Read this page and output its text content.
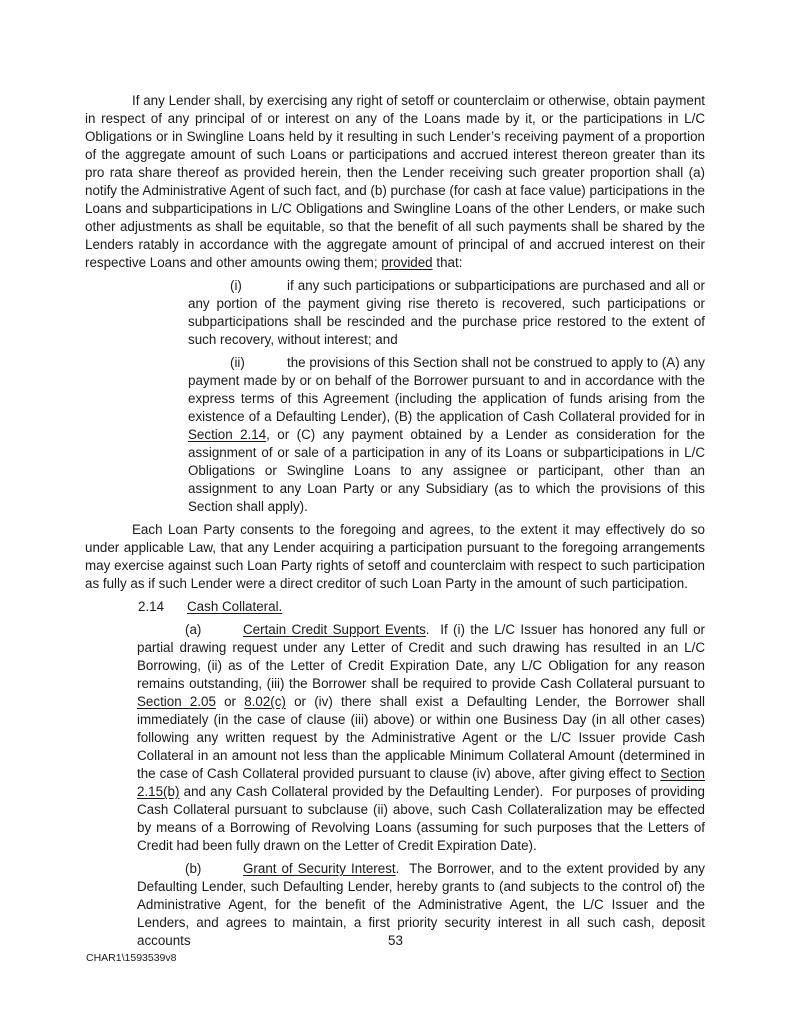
If any Lender shall, by exercising any right of setoff or counterclaim or otherwise, obtain payment in respect of any principal of or interest on any of the Loans made by it, or the participations in L/C Obligations or in Swingline Loans held by it resulting in such Lender’s receiving payment of a proportion of the aggregate amount of such Loans or participations and accrued interest thereon greater than its pro rata share thereof as provided herein, then the Lender receiving such greater proportion shall (a) notify the Administrative Agent of such fact, and (b) purchase (for cash at face value) participations in the Loans and subparticipations in L/C Obligations and Swingline Loans of the other Lenders, or make such other adjustments as shall be equitable, so that the benefit of all such payments shall be shared by the Lenders ratably in accordance with the aggregate amount of principal of and accrued interest on their respective Loans and other amounts owing them; provided that:

(i)	if any such participations or subparticipations are purchased and all or any portion of the payment giving rise thereto is recovered, such participations or subparticipations shall be rescinded and the purchase price restored to the extent of such recovery, without interest; and

(ii)	the provisions of this Section shall not be construed to apply to (A) any payment made by or on behalf of the Borrower pursuant to and in accordance with the express terms of this Agreement (including the application of funds arising from the existence of a Defaulting Lender), (B) the application of Cash Collateral provided for in Section 2.14, or (C) any payment obtained by a Lender as consideration for the assignment of or sale of a participation in any of its Loans or subparticipations in L/C Obligations or Swingline Loans to any assignee or participant, other than an assignment to any Loan Party or any Subsidiary (as to which the provisions of this Section shall apply).

Each Loan Party consents to the foregoing and agrees, to the extent it may effectively do so under applicable Law, that any Lender acquiring a participation pursuant to the foregoing arrangements may exercise against such Loan Party rights of setoff and counterclaim with respect to such participation as fully as if such Lender were a direct creditor of such Loan Party in the amount of such participation.

2.14 Cash Collateral.

(a)	Certain Credit Support Events.  If (i) the L/C Issuer has honored any full or partial drawing request under any Letter of Credit and such drawing has resulted in an L/C Borrowing, (ii) as of the Letter of Credit Expiration Date, any L/C Obligation for any reason remains outstanding, (iii) the Borrower shall be required to provide Cash Collateral pursuant to Section 2.05 or 8.02(c) or (iv) there shall exist a Defaulting Lender, the Borrower shall immediately (in the case of clause (iii) above) or within one Business Day (in all other cases) following any written request by the Administrative Agent or the L/C Issuer provide Cash Collateral in an amount not less than the applicable Minimum Collateral Amount (determined in the case of Cash Collateral provided pursuant to clause (iv) above, after giving effect to Section 2.15(b) and any Cash Collateral provided by the Defaulting Lender).  For purposes of providing Cash Collateral pursuant to subclause (ii) above, such Cash Collateralization may be effected by means of a Borrowing of Revolving Loans (assuming for such purposes that the Letters of Credit had been fully drawn on the Letter of Credit Expiration Date).

(b)	Grant of Security Interest.  The Borrower, and to the extent provided by any Defaulting Lender, such Defaulting Lender, hereby grants to (and subjects to the control of) the Administrative Agent, for the benefit of the Administrative Agent, the L/C Issuer and the Lenders, and agrees to maintain, a first priority security interest in all such cash, deposit accounts	53
CHAR1\1593539v8
